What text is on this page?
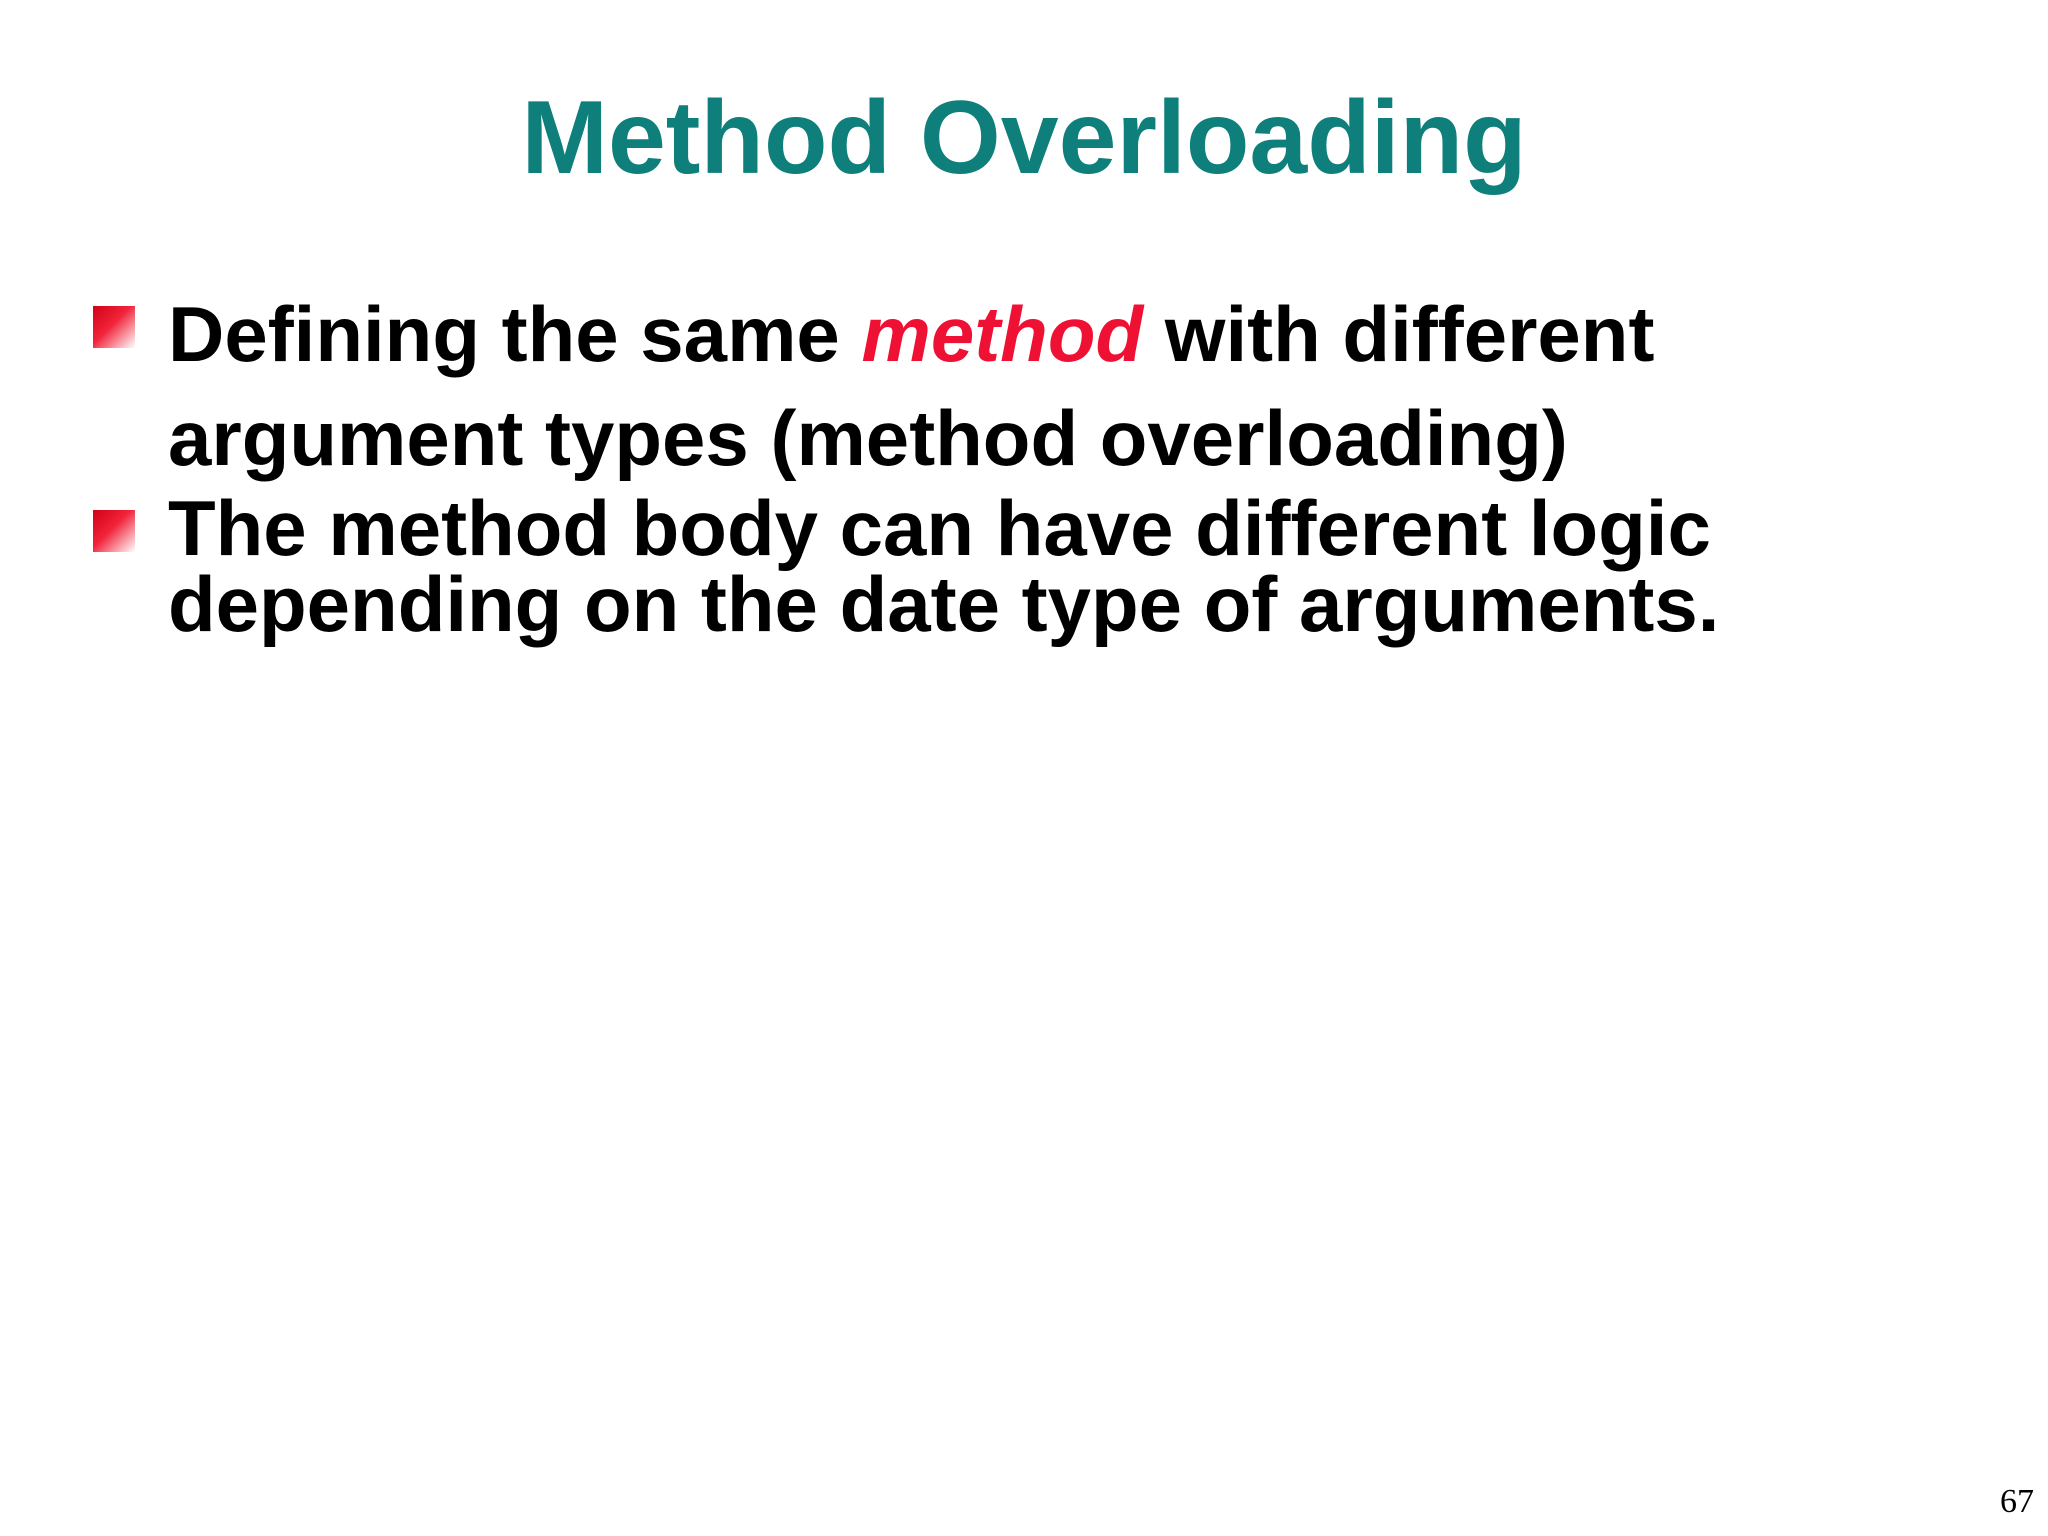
Method Overloading
Defining the same method with different
argument types (method overloading)
The method body can have different logic
depending on the date type of arguments.
67
